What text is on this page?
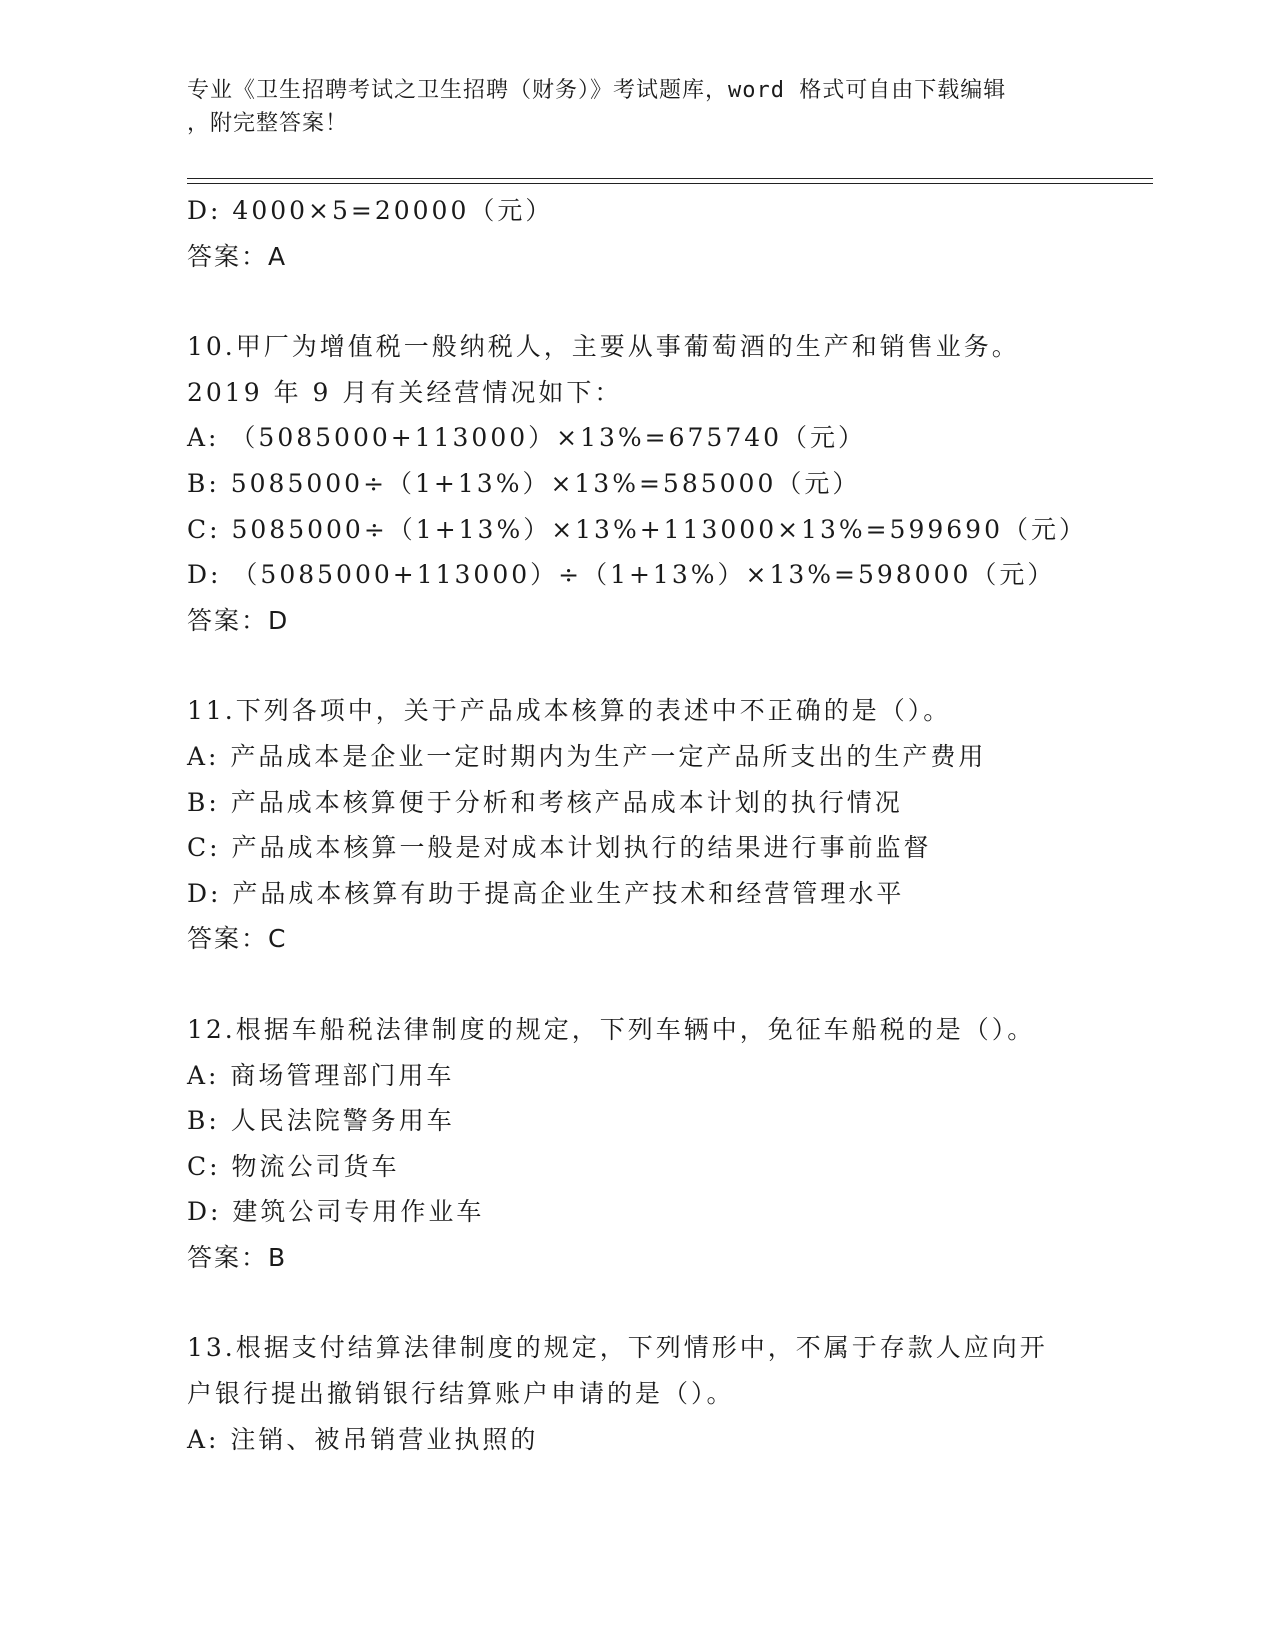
专业《卫生招聘考试之卫生招聘（财务）》考试题库，word 格式可自由下载编辑
，附完整答案！
D: 4000×5=20000（元）
答案：A
10.甲厂为增值税一般纳税人，主要从事葡萄酒的生产和销售业务。
2019 年 9 月有关经营情况如下：
A: （5085000+113000）×13%=675740（元）
B: 5085000÷（1+13%）×13%=585000（元）
C: 5085000÷（1+13%）×13%+113000×13%=599690（元）
D: （5085000+113000）÷（1+13%）×13%=598000（元）
答案：D
11.下列各项中，关于产品成本核算的表述中不正确的是（）。
A: 产品成本是企业一定时期内为生产一定产品所支出的生产费用
B: 产品成本核算便于分析和考核产品成本计划的执行情况
C: 产品成本核算一般是对成本计划执行的结果进行事前监督
D: 产品成本核算有助于提高企业生产技术和经营管理水平
答案：C
12.根据车船税法律制度的规定，下列车辆中，免征车船税的是（）。
A: 商场管理部门用车
B: 人民法院警务用车
C: 物流公司货车
D: 建筑公司专用作业车
答案：B
13.根据支付结算法律制度的规定，下列情形中，不属于存款人应向开
户银行提出撤销银行结算账户申请的是（）。
A: 注销、被吊销营业执照的
